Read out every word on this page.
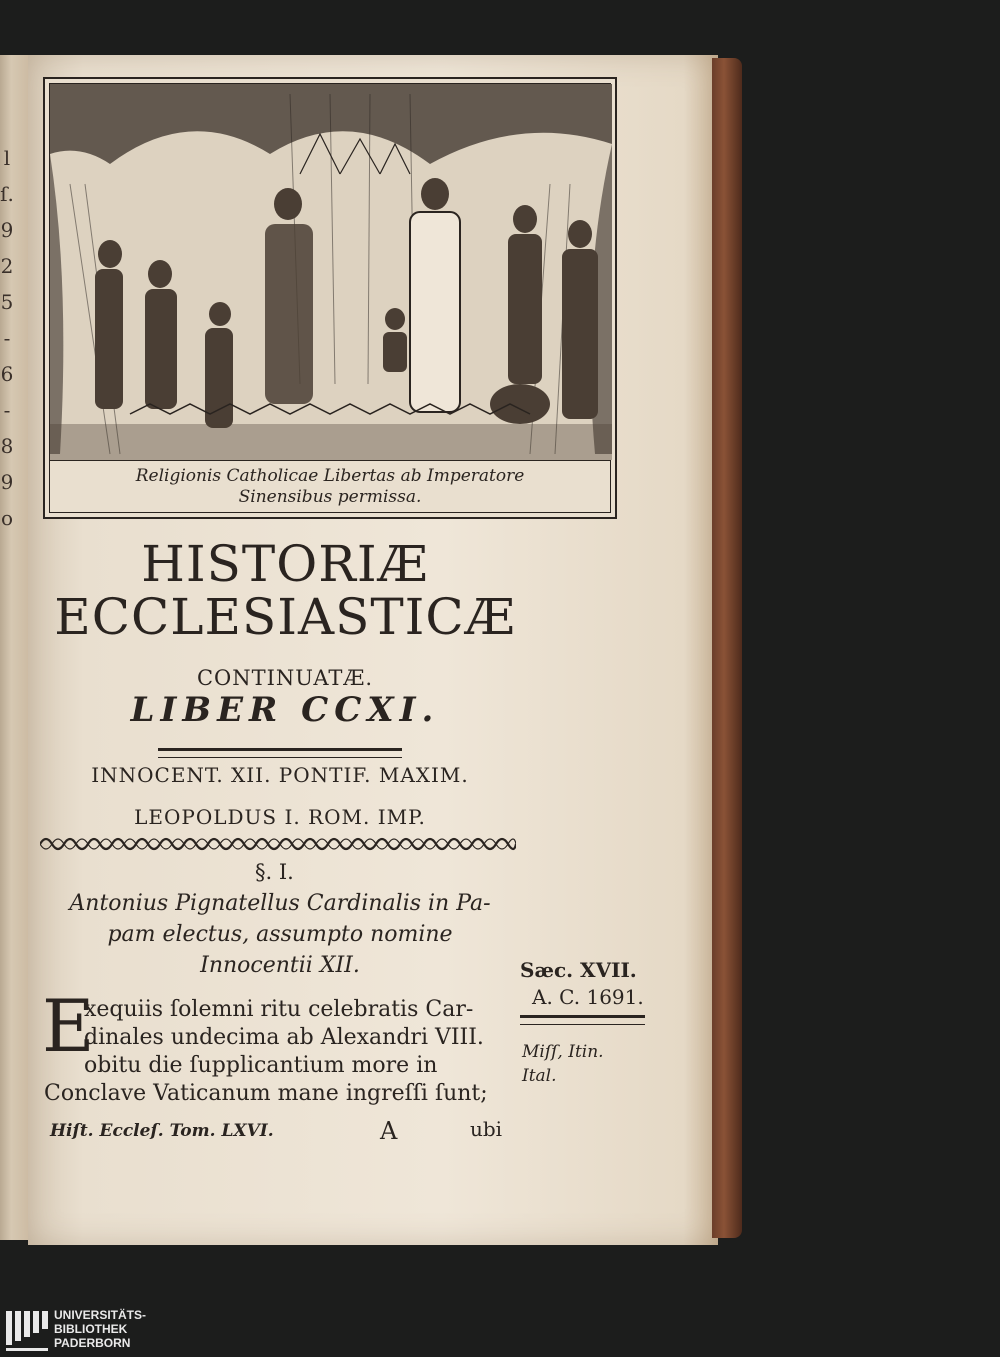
l
ſ.
9
2
5
-
6
-
8
9
o
Religionis Catholicae Libertas ab Imperatore
Sinensibus permissa.
HISTORIÆ
ECCLESIASTICÆ
CONTINUATÆ.
LIBER CCXI.
INNOCENT. XII. PONTIF. MAXIM.
LEOPOLDUS I. ROM. IMP.
§. I.
Antonius Pignatellus Cardinalis in Pa-
pam electus, assumpto nomine
Innocentii XII.
E
xequiis ſolemni ritu celebratis Car-
dinales undecima ab Alexandri VIII.
obitu die ſupplicantium more in
Conclave Vaticanum mane ingreſſi ſunt;
Hiſt. Eccleſ. Tom. LXVI.	A	ubi
Sæc. XVII.
A. C. 1691.
Miſſ, Itin.
Ital.
UNIVERSITÄTS-
BIBLIOTHEK
PADERBORN
